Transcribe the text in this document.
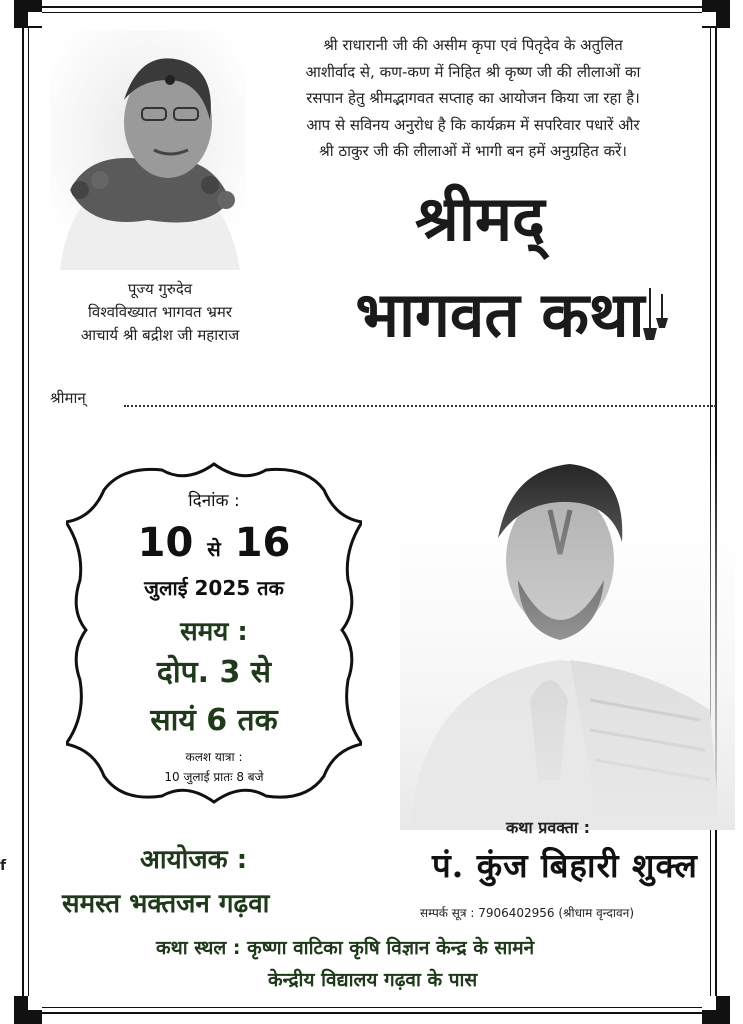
श्री राधारानी जी की असीम कृपा एवं पितृदेव के अतुलित
आशीर्वाद से, कण-कण में निहित श्री कृष्ण जी की लीलाओं का
रसपान हेतु श्रीमद्भागवत सप्ताह का आयोजन किया जा रहा है।
आप से सविनय अनुरोध है कि कार्यक्रम में सपरिवार पधारें और
श्री ठाकुर जी की लीलाओं में भागी बन हमें अनुग्रहित करें।
पूज्य गुरुदेव
विश्वविख्यात भागवत भ्रमर
आचार्य श्री बद्रीश जी महाराज
श्रीमद्
भागवत कथा
श्रीमान्
दिनांक :
10 से 16
जुलाई 2025 तक
समय :
दोप. 3 से
सायं 6 तक
कलश यात्रा :
10 जुलाई प्रातः 8 बजे
आयोजक :
समस्त भक्तजन गढ़वा
कथा प्रवक्ता :
पं. कुंज बिहारी शुक्ल
सम्पर्क सूत्र : 7906402956 (श्रीधाम वृन्दावन)
कथा स्थल : कृष्णा वाटिका कृषि विज्ञान केन्द्र के सामने
केन्द्रीय विद्यालय गढ़वा के पास
f
